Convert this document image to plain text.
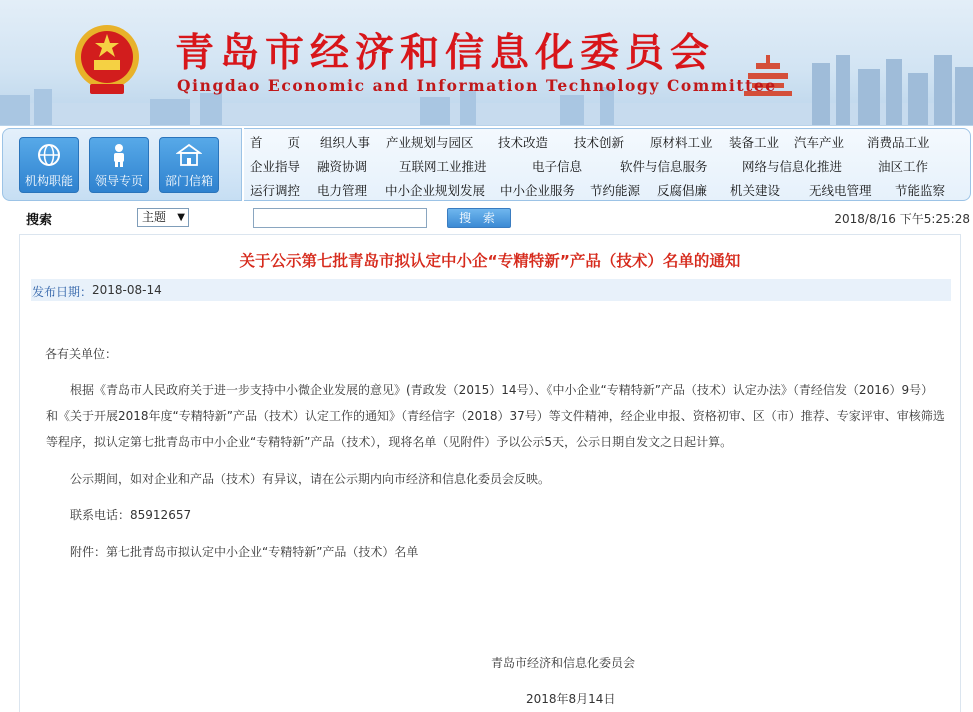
青岛市经济和信息化委员会
Qingdao Economic and Information Technology Committee
机构职能	领导专页	部门信箱
首　　页 组织人事 产业规划与园区 技术改造 技术创新 原材料工业 装备工业 汽车产业 消费品工业
企业指导 融资协调	互联网工业推进	电子信息	软件与信息服务	网络与信息化推进	油区工作
运行调控 电力管理 中小企业规划发展 中小企业服务 节约能源 反腐倡廉 机关建设 无线电管理 节能监察
搜索	主题 ▼	搜 索	2018/8/16 下午5:25:28
关于公示第七批青岛市拟认定中小企“专精特新”产品（技术）名单的通知
发布日期： 2018-08-14
各有关单位：
根据《青岛市人民政府关于进一步支持中小微企业发展的意见》(青政发（2015）14号）、《中小企业“专精特新”产品（技术）认定办法》（青经信发（2016）9号）
和《关于开展2018年度“专精特新”产品（技术）认定工作的通知》（青经信字（2018）37号）等文件精神，经企业申报、资格初审、区（市）推荐、专家评审、审核筛选
等程序，拟认定第七批青岛市中小企业“专精特新”产品（技术），现将名单（见附件）予以公示5天，公示日期自发文之日起计算。
公示期间，如对企业和产品（技术）有异议，请在公示期内向市经济和信息化委员会反映。
联系电话：85912657
附件：第七批青岛市拟认定中小企业“专精特新”产品（技术）名单
青岛市经济和信息化委员会
2018年8月14日
